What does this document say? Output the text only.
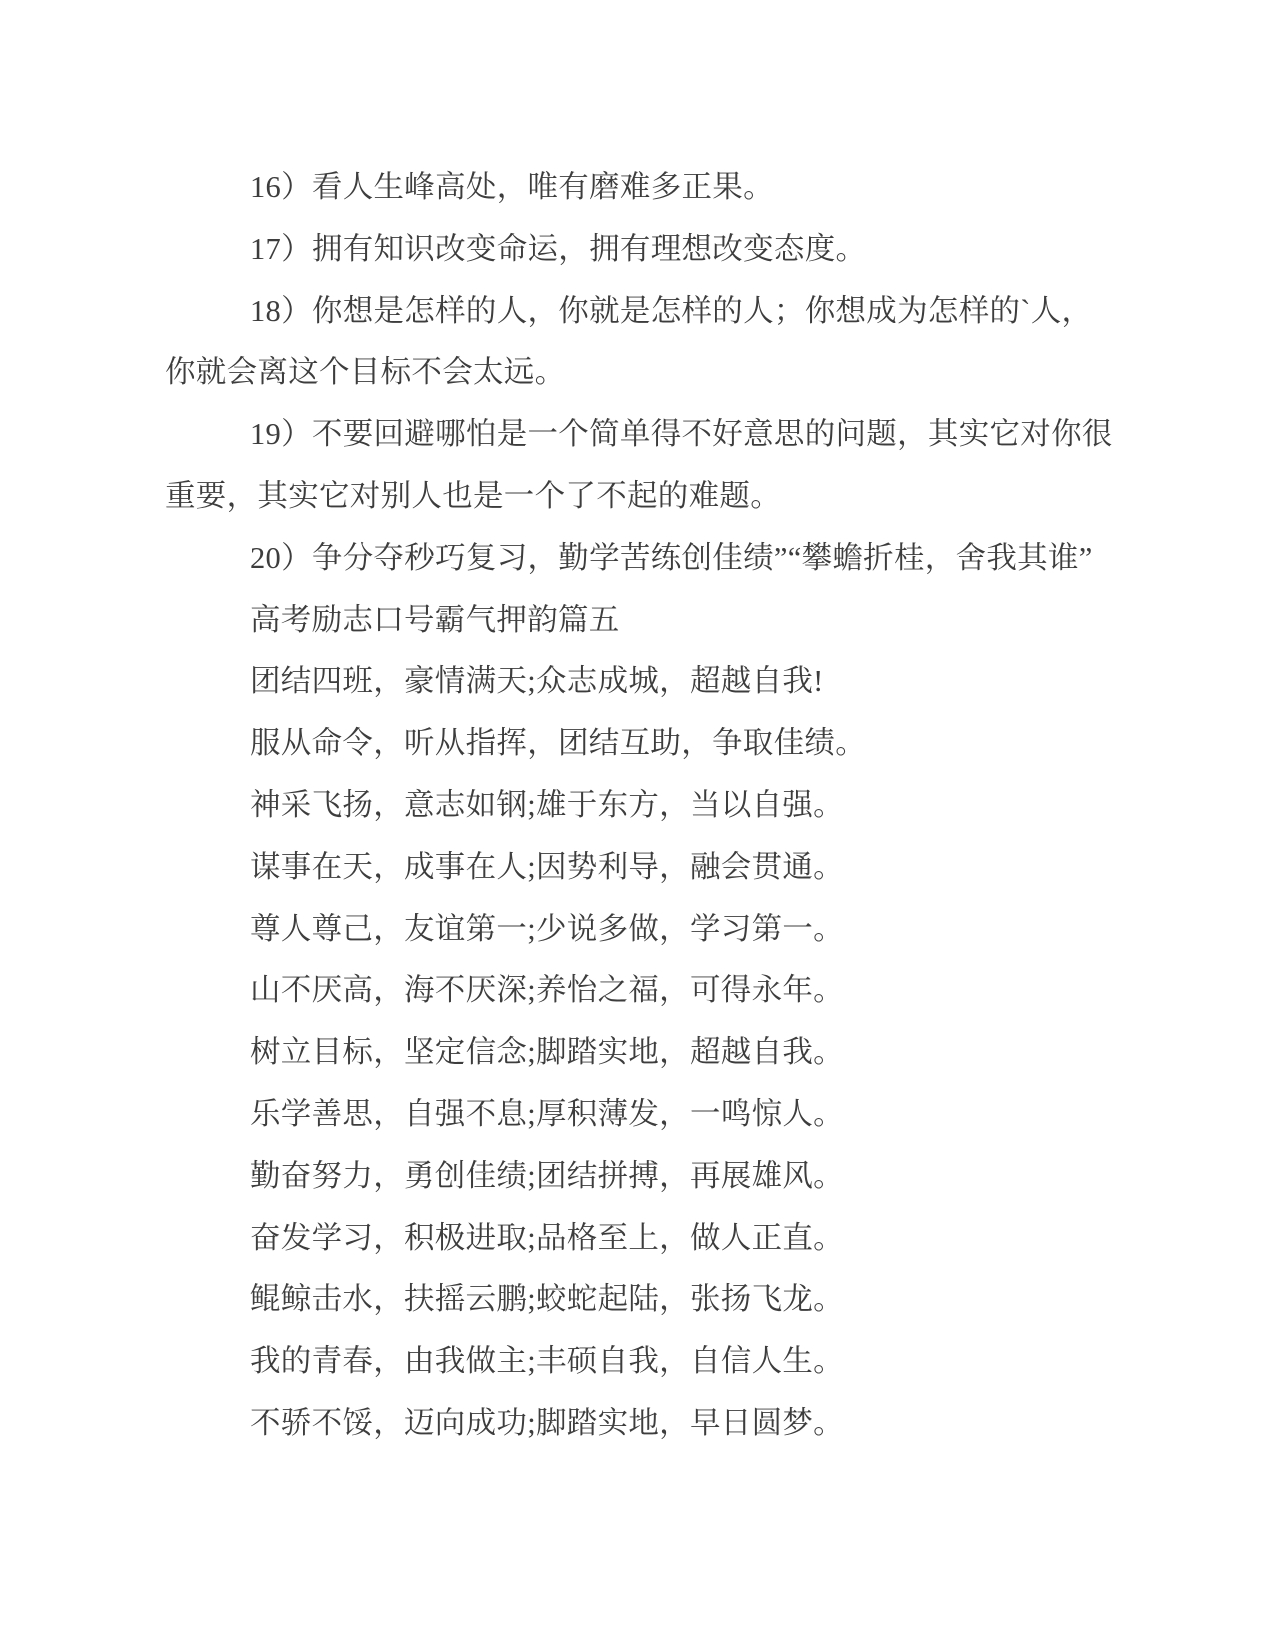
16）看人生峰高处，唯有磨难多正果。
17）拥有知识改变命运，拥有理想改变态度。
18）你想是怎样的人，你就是怎样的人；你想成为怎样的`人，
你就会离这个目标不会太远。
19）不要回避哪怕是一个简单得不好意思的问题，其实它对你很
重要，其实它对别人也是一个了不起的难题。
20）争分夺秒巧复习，勤学苦练创佳绩”“攀蟾折桂，舍我其谁”
高考励志口号霸气押韵篇五
团结四班，豪情满天;众志成城，超越自我!
服从命令，听从指挥，团结互助，争取佳绩。
神采飞扬，意志如钢;雄于东方，当以自强。
谋事在天，成事在人;因势利导，融会贯通。
尊人尊己，友谊第一;少说多做，学习第一。
山不厌高，海不厌深;养怡之福，可得永年。
树立目标，坚定信念;脚踏实地，超越自我。
乐学善思，自强不息;厚积薄发，一鸣惊人。
勤奋努力，勇创佳绩;团结拼搏，再展雄风。
奋发学习，积极进取;品格至上，做人正直。
鲲鲸击水，扶摇云鹏;蛟蛇起陆，张扬飞龙。
我的青春，由我做主;丰硕自我，自信人生。
不骄不馁，迈向成功;脚踏实地，早日圆梦。
